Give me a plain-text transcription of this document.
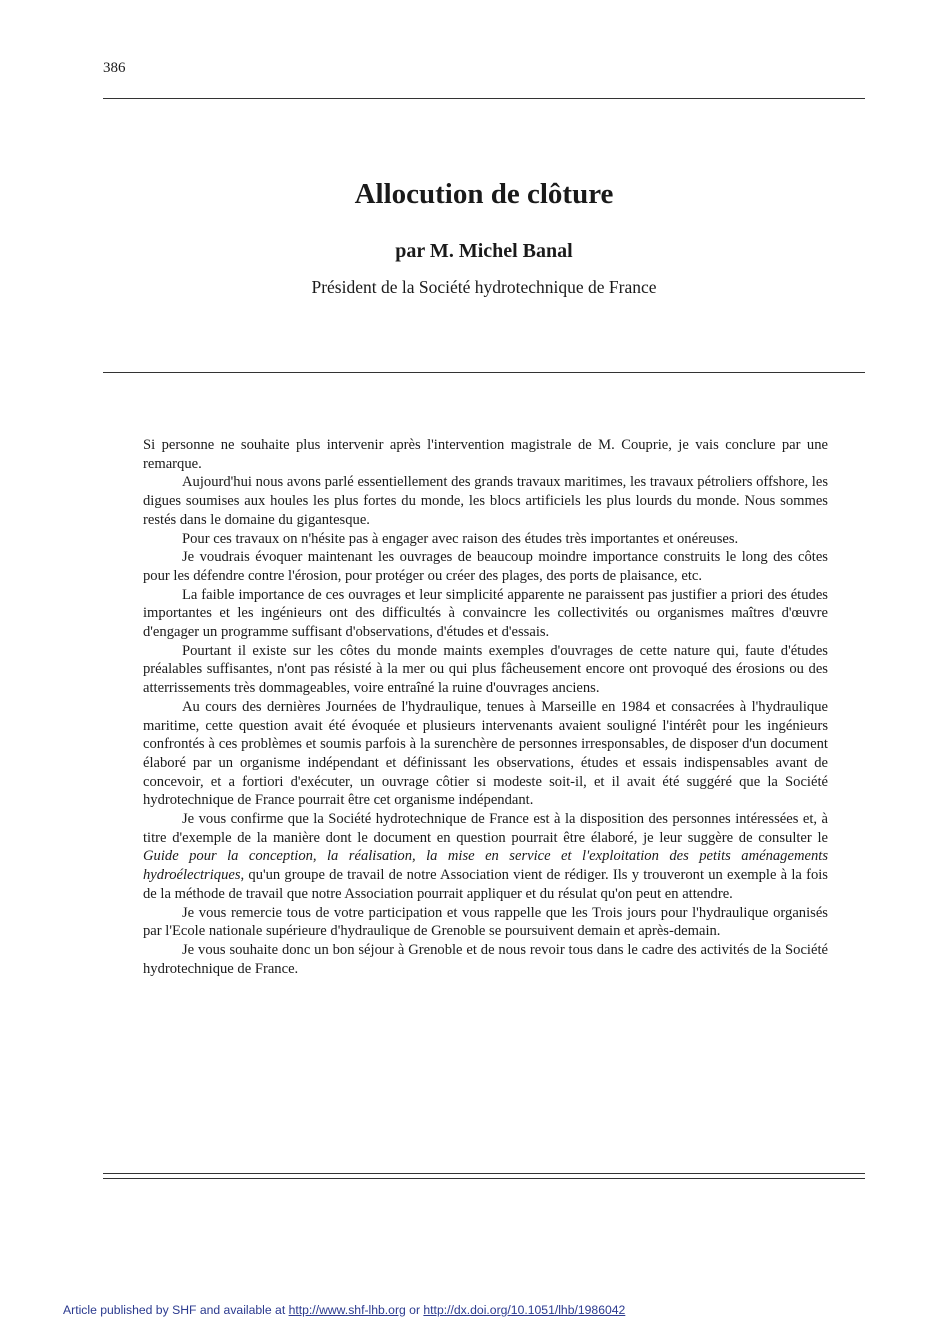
386
Allocution de clôture
par M. Michel Banal
Président de la Société hydrotechnique de France

Si personne ne souhaite plus intervenir après l'intervention magistrale de M. Couprie, je vais conclure par une remarque.

Aujourd'hui nous avons parlé essentiellement des grands travaux maritimes, les travaux pétroliers offshore, les digues soumises aux houles les plus fortes du monde, les blocs artificiels les plus lourds du monde. Nous sommes restés dans le domaine du gigantesque.

Pour ces travaux on n'hésite pas à engager avec raison des études très importantes et onéreuses.

Je voudrais évoquer maintenant les ouvrages de beaucoup moindre importance construits le long des côtes pour les défendre contre l'érosion, pour protéger ou créer des plages, des ports de plaisance, etc.

La faible importance de ces ouvrages et leur simplicité apparente ne paraissent pas justifier a priori des études importantes et les ingénieurs ont des difficultés à convaincre les collectivités ou organismes maîtres d'œuvre d'engager un programme suffisant d'observations, d'études et d'essais.

Pourtant il existe sur les côtes du monde maints exemples d'ouvrages de cette nature qui, faute d'études préalables suffisantes, n'ont pas résisté à la mer ou qui plus fâcheusement encore ont provoqué des érosions ou des atterrissements très dommageables, voire entraîné la ruine d'ouvrages anciens.

Au cours des dernières Journées de l'hydraulique, tenues à Marseille en 1984 et consacrées à l'hydraulique maritime, cette question avait été évoquée et plusieurs intervenants avaient souligné l'intérêt pour les ingénieurs confrontés à ces problèmes et soumis parfois à la surenchère de personnes irresponsables, de disposer d'un document élaboré par un organisme indépendant et définissant les observations, études et essais indispensables avant de concevoir, et a fortiori d'exécuter, un ouvrage côtier si modeste soit-il, et il avait été suggéré que la Société hydrotechnique de France pourrait être cet organisme indépendant.

Je vous confirme que la Société hydrotechnique de France est à la disposition des personnes intéressées et, à titre d'exemple de la manière dont le document en question pourrait être élaboré, je leur suggère de consulter le Guide pour la conception, la réalisation, la mise en service et l'exploitation des petits aménagements hydroélectriques, qu'un groupe de travail de notre Association vient de rédiger. Ils y trouveront un exemple à la fois de la méthode de travail que notre Association pourrait appliquer et du résulat qu'on peut en attendre.

Je vous remercie tous de votre participation et vous rappelle que les Trois jours pour l'hydraulique organisés par l'Ecole nationale supérieure d'hydraulique de Grenoble se poursuivent demain et après-demain.

Je vous souhaite donc un bon séjour à Grenoble et de nous revoir tous dans le cadre des activités de la Société hydrotechnique de France.

Article published by SHF and available at http://www.shf-lhb.org or http://dx.doi.org/10.1051/lhb/1986042
